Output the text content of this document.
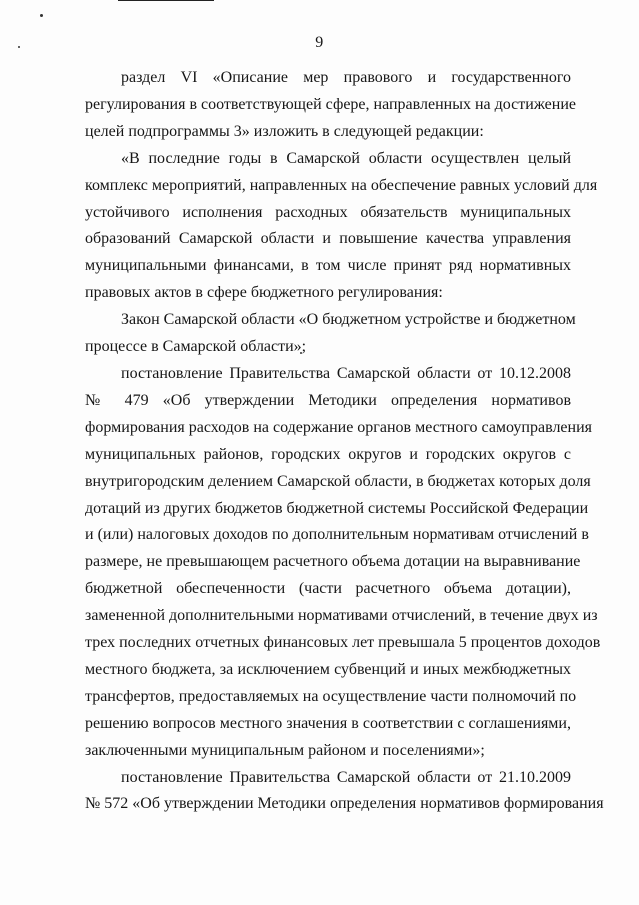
9
раздел VI «Описание мер правового и государственного
регулирования в соответствующей сфере, направленных на достижение
целей подпрограммы 3» изложить в следующей редакции:
«В последние годы в Самарской области осуществлен целый
комплекс мероприятий, направленных на обеспечение равных условий для
устойчивого исполнения расходных обязательств муниципальных
образований Самарской области и повышение качества управления
муниципальными финансами, в том числе принят ряд нормативных
правовых актов в сфере бюджетного регулирования:
Закон Самарской области «О бюджетном устройстве и бюджетном
процессе в Самарской области»;
постановление Правительства Самарской области от 10.12.2008
№ 479 «Об утверждении Методики определения нормативов
формирования расходов на содержание органов местного самоуправления
муниципальных районов, городских округов и городских округов с
внутригородским делением Самарской области, в бюджетах которых доля
дотаций из других бюджетов бюджетной системы Российской Федерации
и (или) налоговых доходов по дополнительным нормативам отчислений в
размере, не превышающем расчетного объема дотации на выравнивание
бюджетной обеспеченности (части расчетного объема дотации),
замененной дополнительными нормативами отчислений, в течение двух из
трех последних отчетных финансовых лет превышала 5 процентов доходов
местного бюджета, за исключением субвенций и иных межбюджетных
трансфертов, предоставляемых на осуществление части полномочий по
решению вопросов местного значения в соответствии с соглашениями,
заключенными муниципальным районом и поселениями»;
постановление Правительства Самарской области от 21.10.2009
№ 572 «Об утверждении Методики определения нормативов формирования
